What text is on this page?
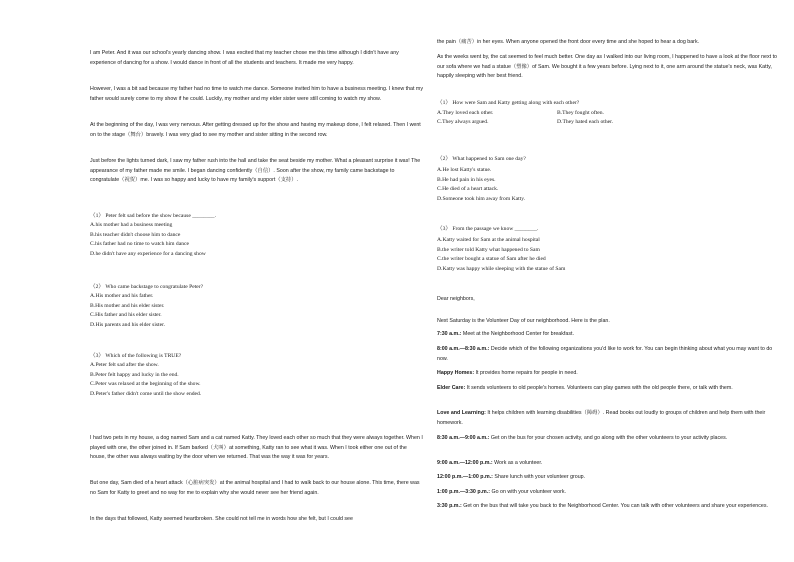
I am Peter. And it was our school's yearly dancing show. I was excited that my teacher chose me this time although I didn't have any experience of dancing for a show. I would dance in front of all the students and teachers. It made me very happy.

However, I was a bit sad because my father had no time to watch me dance. Someone invited him to have a business meeting. I knew that my father would surely come to my show if he could. Luckily, my mother and my elder sister were still coming to watch my show.

At the beginning of the day, I was very nervous. After getting dressed up for the show and having my makeup done, I felt relaxed. Then I went on to the stage（舞台）bravely. I was very glad to see my mother and sister sitting in the second row.

Just before the lights turned dark, I saw my father rush into the hall and take the seat beside my mother. What a pleasant surprise it was! The appearance of my father made me smile. I began dancing confidently（自信）. Soon after the show, my family came backstage to congratulate（祝贺）me. I was so happy and lucky to have my family's support（支持）.

（1） Peter felt sad before the show because ________.
A.his mother had a business meeting
B.his teacher didn't choose him to dance
C.his father had no time to watch him dance
D.he didn't have any experience for a dancing show
（2） Who came backstage to congratulate Peter?
A.His mother and his father.
B.His mother and his elder sister.
C.His father and his elder sister.
D.His parents and his elder sister.
（3） Which of the following is TRUE?
A.Peter felt sad after the show.
B.Peter felt happy and lucky in the end.
C.Peter was relaxed at the beginning of the show.
D.Peter's father didn't come until the show ended.

I had two pets in my house, a dog named Sam and a cat named Katty. They loved each other so much that they were always together. When I played with one, the other joined in. If Sam barked（犬叫）at something, Katty ran to see what it was. When I took either one out of the house, the other was always waiting by the door when we returned. That was the way it was for years.

But one day, Sam died of a heart attack（心脏病突发）at the animal hospital and I had to walk back to our house alone. This time, there was no Sam for Katty to greet and no way for me to explain why she would never see her friend again.

In the days that followed, Katty seemed heartbroken. She could not tell me in words how she felt, but I could see

the pain（痛苦）in her eyes. When anyone opened the front door every time and she hoped to hear a dog bark.

As the weeks went by, the cat seemed to feel much better. One day as I walked into our living room, I happened to have a look at the floor next to our sofa where we had a statue（塑像）of Sam. We bought it a few years before. Lying next to it, one arm around the statue's neck, was Katty, happily sleeping with her best friend.

（1） How were Sam and Katty getting along with each other?
A.They loved each other.	B.They fought often.
C.They always argued.	D.They hated each other.
（2） What happened to Sam one day?
A.He lost Katty's statue.
B.He had pain in his eyes.
C.He died of a heart attack.
D.Someone took him away from Katty.
（3） From the passage we know ________.
A.Katty waited for Sam at the animal hospital
B.the writer told Katty what happened to Sam
C.the writer bought a statue of Sam after he died
D.Katty was happy while sleeping with the statue of Sam

Dear neighbors,

Next Saturday is the Volunteer Day of our neighborhood. Here is the plan.

7:30 a.m.: Meet at the Neighborhood Center for breakfast.

8:00 a.m.—8:30 a.m.: Decide which of the following organizations you'd like to work for. You can begin thinking about what you may want to do now.

Happy Homes: It provides home repairs for people in need.

Elder Care: It sends volunteers to old people's homes. Volunteers can play games with the old people there, or talk with them.

Love and Learning: It helps children with learning disabilities（障碍）. Read books out loudly to groups of children and help them with their homework.

8:30 a.m.—9:00 a.m.: Get on the bus for your chosen activity, and go along with the other volunteers to your activity places.

9:00 a.m.—12:00 p.m.: Work as a volunteer.

12:00 p.m.—1:00 p.m.: Share lunch with your volunteer group.

1:00 p.m.—3:30 p.m.: Go on with your volunteer work.

3:30 p.m.: Get on the bus that will take you back to the Neighborhood Center. You can talk with other volunteers and share your experiences.
